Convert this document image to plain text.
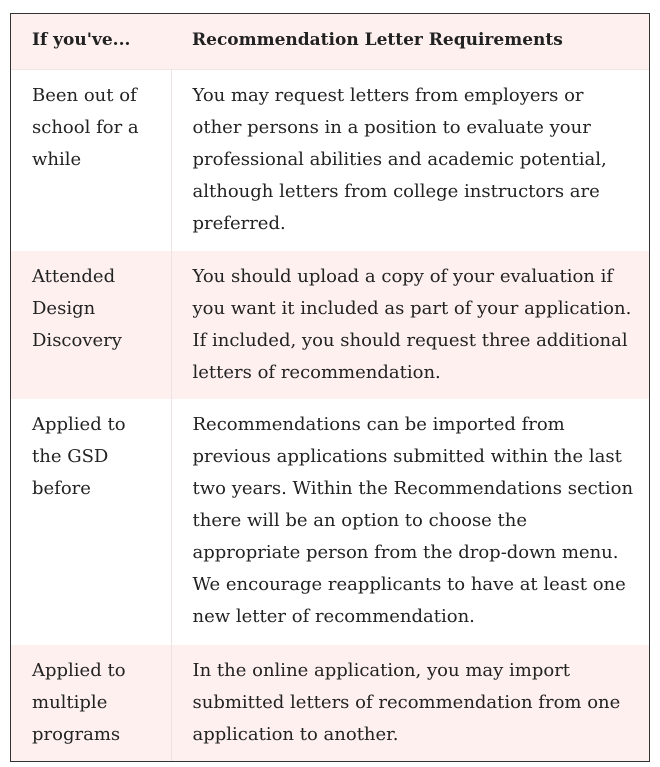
If you've...	Recommendation Letter Requirements
Been out of school for a while	You may request letters from employers or other persons in a position to evaluate your professional abilities and academic potential, although letters from college instructors are preferred.
Attended Design Discovery	You should upload a copy of your evaluation if you want it included as part of your application. If included, you should request three additional letters of recommendation.
Applied to the GSD before	Recommendations can be imported from previous applications submitted within the last two years. Within the Recommendations section there will be an option to choose the appropriate person from the drop-down menu. We encourage reapplicants to have at least one new letter of recommendation.
Applied to multiple programs	In the online application, you may import submitted letters of recommendation from one application to another.
